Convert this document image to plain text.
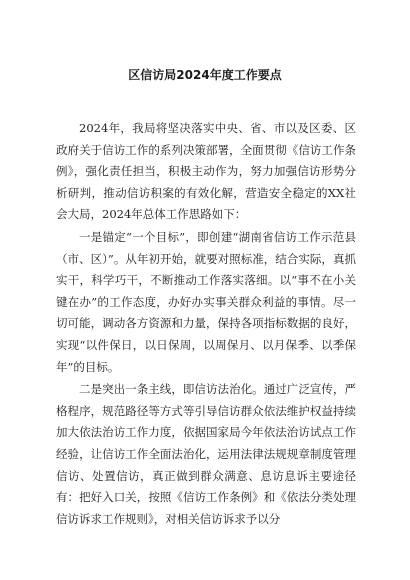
区信访局2024年度工作要点

2024年，我局将坚决落实中央、省、市以及区委、区政府关于信访工作的系列决策部署，全面贯彻《信访工作条例》，强化责任担当，积极主动作为，努力加强信访形势分析研判，推动信访积案的有效化解，营造安全稳定的XX社会大局，2024年总体工作思路如下：

一是锚定“一个目标”，即创建“湖南省信访工作示范县（市、区）”。从年初开始，就要对照标准，结合实际，真抓实干，科学巧干，不断推动工作落实落细。以“事不在小关键在办”的工作态度，办好办实事关群众利益的事情。尽一切可能，调动各方资源和力量，保持各项指标数据的良好，实现“以件保日，以日保周，以周保月、以月保季、以季保年”的目标。

二是突出一条主线，即信访法治化。通过广泛宣传，严格程序，规范路径等方式等引导信访群众依法维护权益持续加大依法治访工作力度，依据国家局今年依法治访试点工作经验，让信访工作全面法治化，运用法律法规规章制度管理信访、处置信访，真正做到群众满意、息访息诉主要途径有：把好入口关，按照《信访工作条例》和《依法分类处理信访诉求工作规则》，对相关信访诉求予以分
